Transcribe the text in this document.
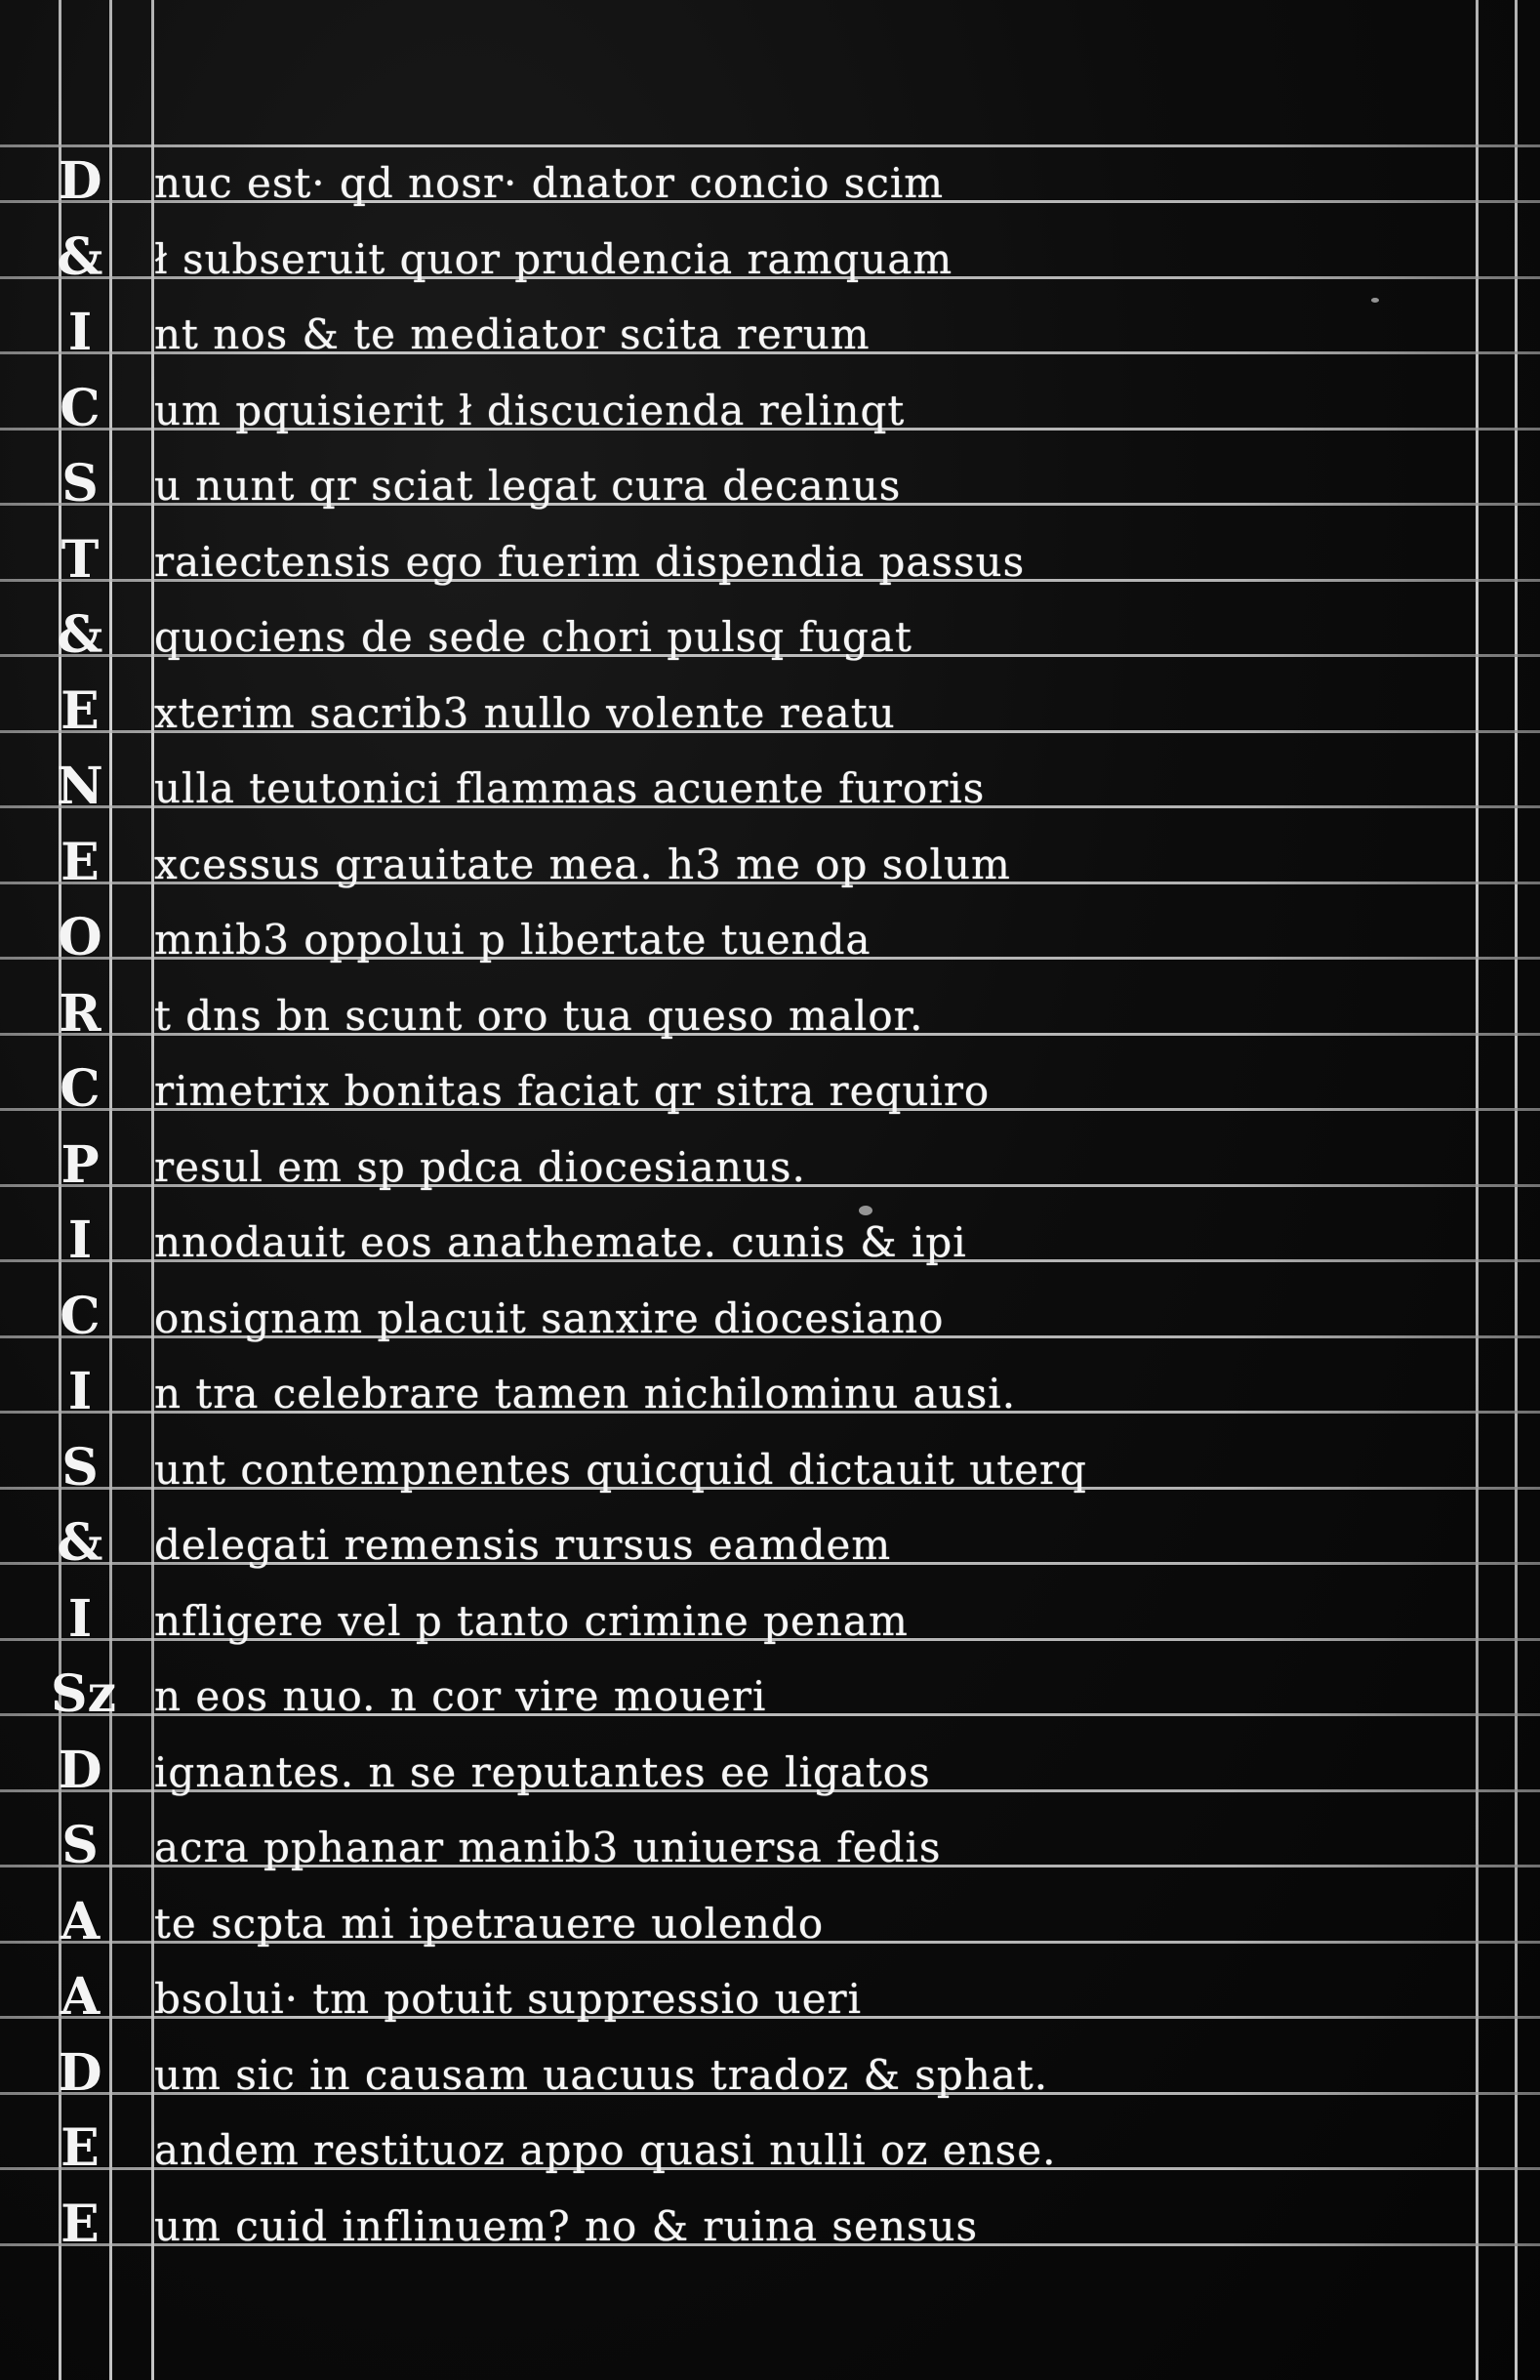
D nuc est· qd nosr· dnator concio scim
& ł subseruit quor prudencia ramquam
I	nt nos & te mediator scita rerum
C um pquisierit ł discucienda relinqt
S u nunt qr sciat legat cura decanus
T raiectensis ego fuerim dispendia passus
& quociens de sede chori pulsq fugat
E xterim sacrib3 nullo volente reatu
N ulla teutonici flammas acuente furoris
E xcessus grauitate mea. h3 me op solum
O mnib3 oppolui p libertate tuenda
R t dns bn scunt oro tua queso malor.
C rimetrix bonitas faciat qr sitra requiro
P resul em sp pdca diocesianus.
I	nnodauit eos anathemate. cunis & ipi
C onsignam placuit sanxire diocesiano
I	n tra celebrare tamen nichilominu ausi.
S unt contempnentes quicquid dictauit uterq
& delegati remensis rursus eamdem
I	nfligere vel p tanto crimine penam
Sz n eos nuo. n cor vire moueri
D ignantes. n se reputantes ee ligatos
S acra pphanar manib3 uniuersa fedis
A te scpta mi ipetrauere uolendo
A bsolui· tm potuit suppressio ueri
D um sic in causam uacuus tradoz & sphat.
E andem restituoz appo quasi nulli oz ense.
E um cuid inflinuem? no & ruina sensus
